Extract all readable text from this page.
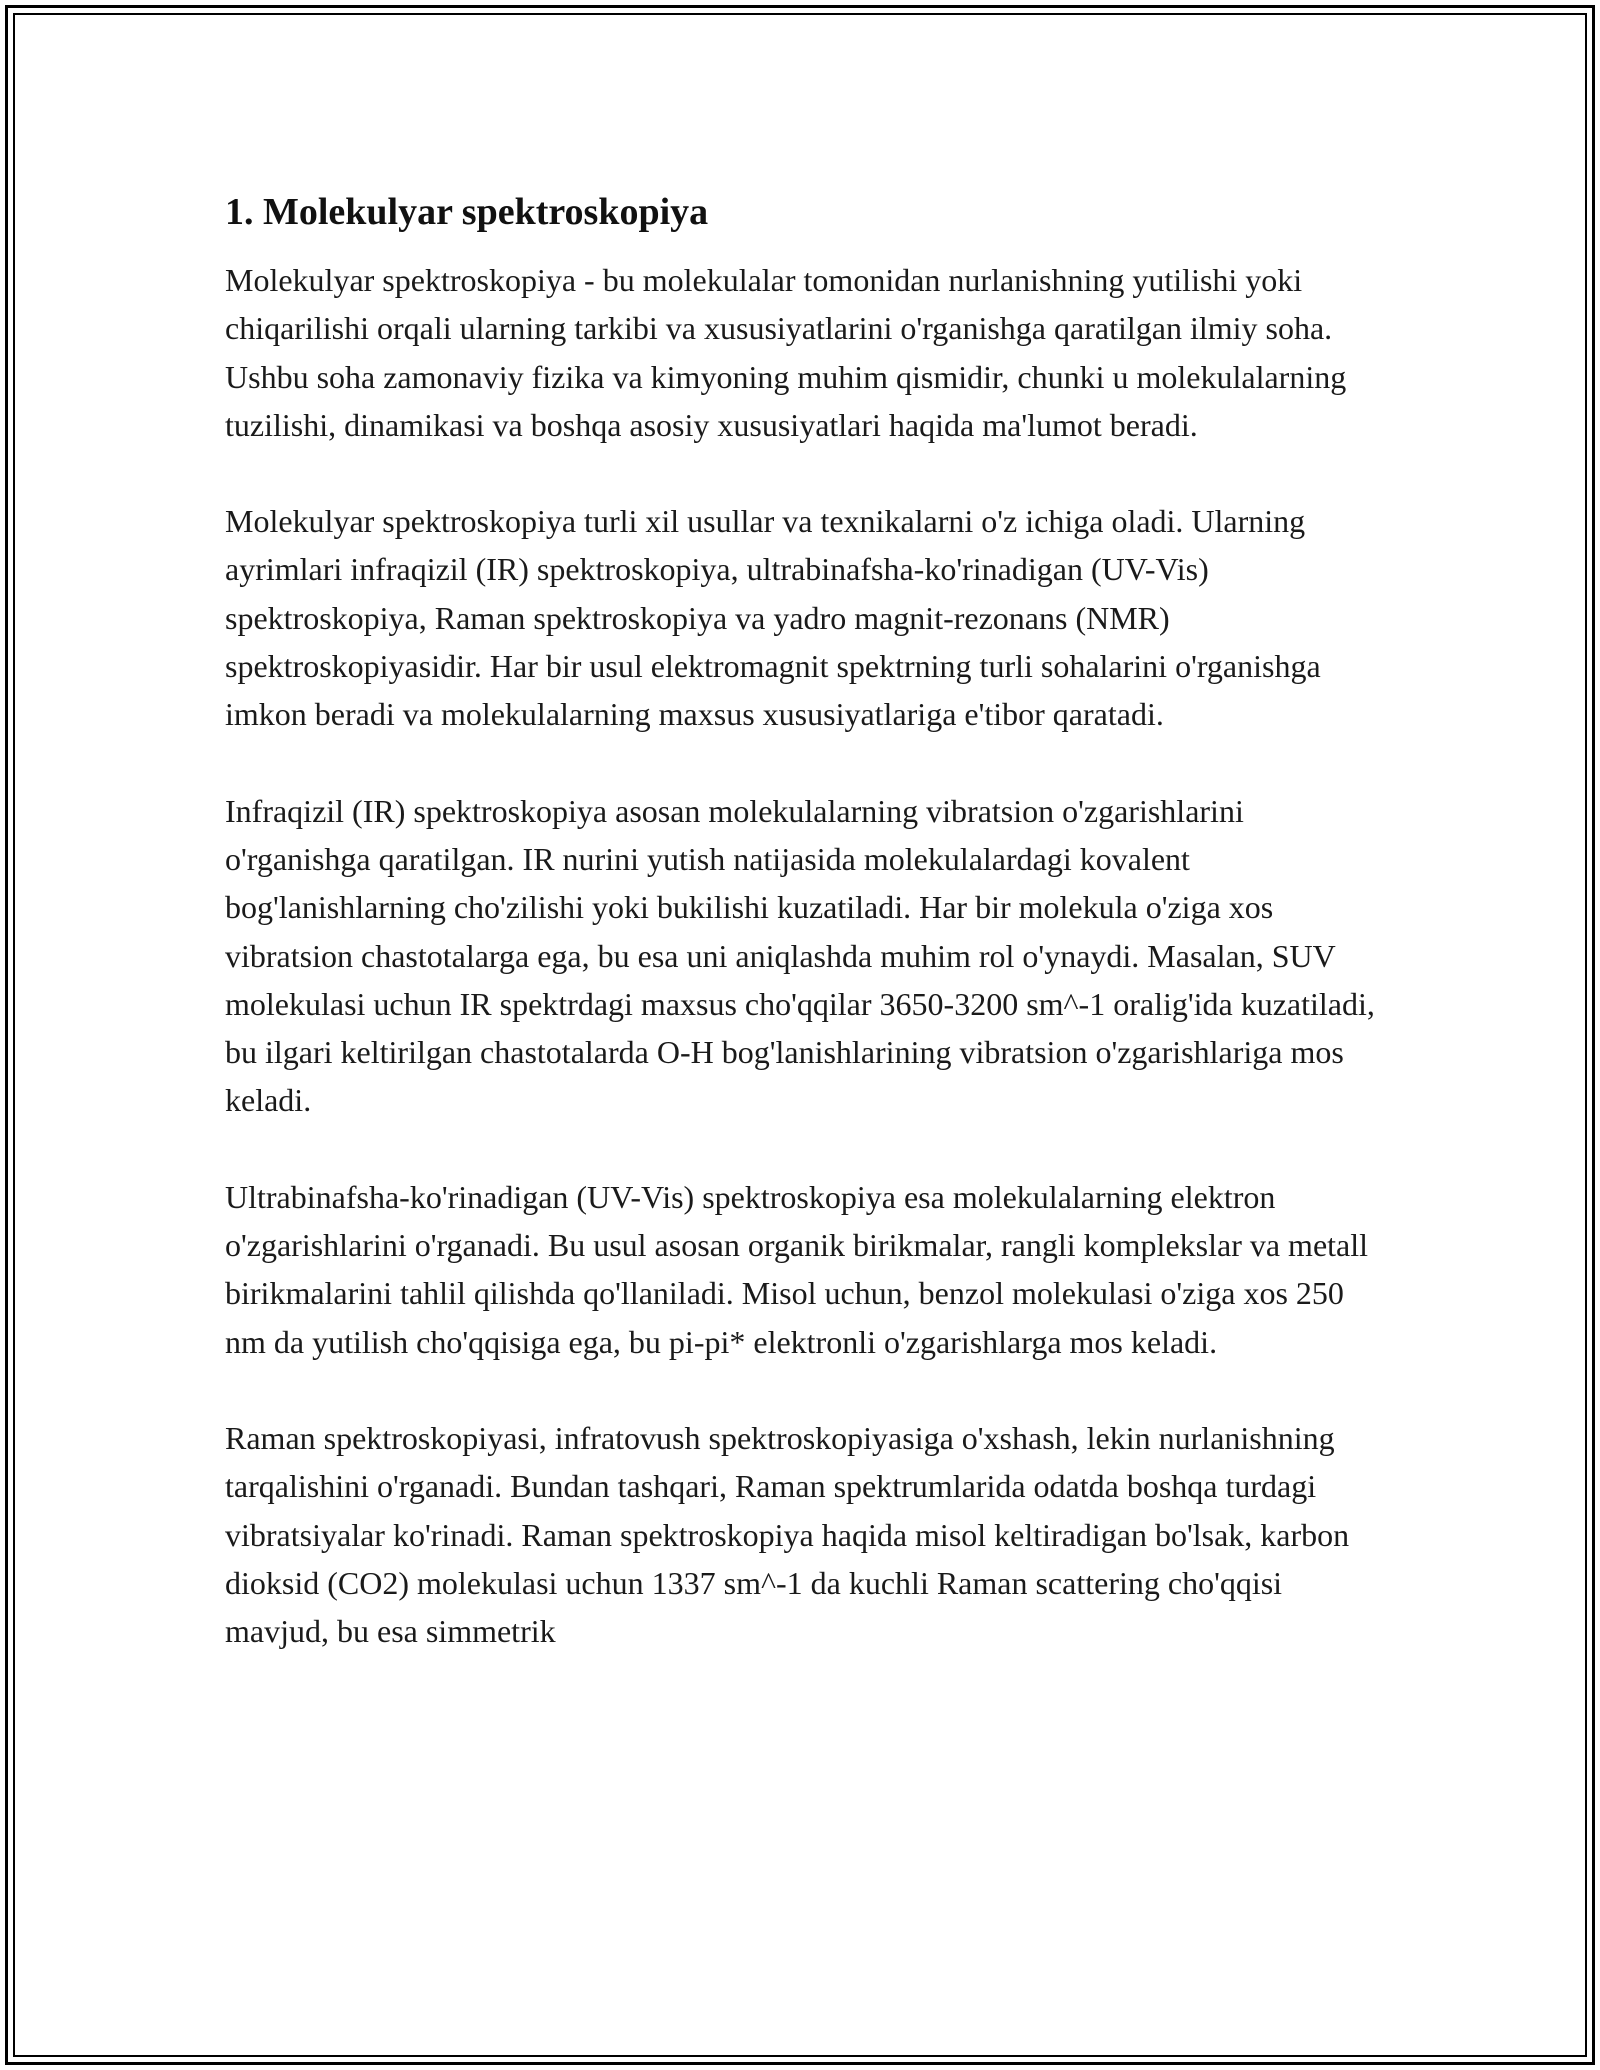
1. Molekulyar spektroskopiya

Molekulyar spektroskopiya - bu molekulalar tomonidan nurlanishning yutilishi yoki chiqarilishi orqali ularning tarkibi va xususiyatlarini o'rganishga qaratilgan ilmiy soha. Ushbu soha zamonaviy fizika va kimyoning muhim qismidir, chunki u molekulalarning tuzilishi, dinamikasi va boshqa asosiy xususiyatlari haqida ma'lumot beradi.

Molekulyar spektroskopiya turli xil usullar va texnikalarni o'z ichiga oladi. Ularning ayrimlari infraqizil (IR) spektroskopiya, ultrabinafsha-ko'rinadigan (UV-Vis) spektroskopiya, Raman spektroskopiya va yadro magnit-rezonans (NMR) spektroskopiyasidir. Har bir usul elektromagnit spektrning turli sohalarini o'rganishga imkon beradi va molekulalarning maxsus xususiyatlariga e'tibor qaratadi.

Infraqizil (IR) spektroskopiya asosan molekulalarning vibratsion o'zgarishlarini o'rganishga qaratilgan. IR nurini yutish natijasida molekulalardagi kovalent bog'lanishlarning cho'zilishi yoki bukilishi kuzatiladi. Har bir molekula o'ziga xos vibratsion chastotalarga ega, bu esa uni aniqlashda muhim rol o'ynaydi. Masalan, SUV molekulasi uchun IR spektrdagi maxsus cho'qqilar 3650-3200 sm^-1 oralig'ida kuzatiladi, bu ilgari keltirilgan chastotalarda O-H bog'lanishlarining vibratsion o'zgarishlariga mos keladi.

Ultrabinafsha-ko'rinadigan (UV-Vis) spektroskopiya esa molekulalarning elektron o'zgarishlarini o'rganadi. Bu usul asosan organik birikmalar, rangli komplekslar va metall birikmalarini tahlil qilishda qo'llaniladi. Misol uchun, benzol molekulasi o'ziga xos 250 nm da yutilish cho'qqisiga ega, bu pi-pi* elektronli o'zgarishlarga mos keladi.

Raman spektroskopiyasi, infratovush spektroskopiyasiga o'xshash, lekin nurlanishning tarqalishini o'rganadi. Bundan tashqari, Raman spektrumlarida odatda boshqa turdagi vibratsiyalar ko'rinadi. Raman spektroskopiya haqida misol keltiradigan bo'lsak, karbon dioksid (CO2) molekulasi uchun 1337 sm^-1 da kuchli Raman scattering cho'qqisi mavjud, bu esa simmetrik
